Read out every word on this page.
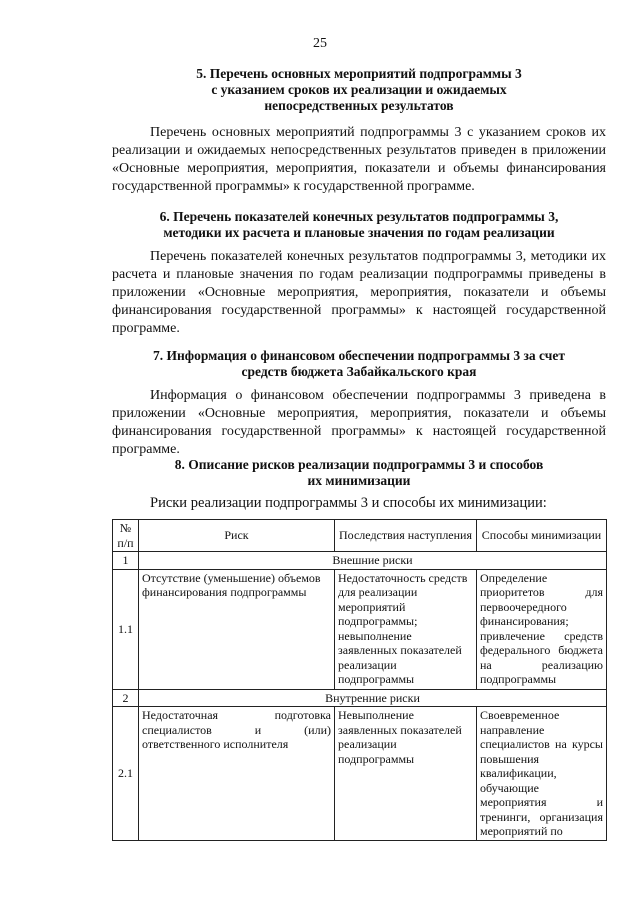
25
5. Перечень основных мероприятий подпрограммы 3
с указанием сроков их реализации и ожидаемых
непосредственных результатов
Перечень основных мероприятий подпрограммы 3 с указанием сроков их реализации и ожидаемых непосредственных результатов приведен в приложении «Основные мероприятия, мероприятия, показатели и объемы финансирования государственной программы» к государственной программе.
6. Перечень показателей конечных результатов подпрограммы 3,
методики их расчета и плановые значения по годам реализации
Перечень показателей конечных результатов подпрограммы 3, методики их расчета и плановые значения по годам реализации подпрограммы приведены в приложении «Основные мероприятия, мероприятия, показатели и объемы финансирования государственной программы» к настоящей государственной программе.
7. Информация о финансовом обеспечении подпрограммы 3 за счет
средств бюджета Забайкальского края
Информация о финансовом обеспечении подпрограммы 3 приведена в приложении «Основные мероприятия, мероприятия, показатели и объемы финансирования государственной программы» к настоящей государственной программе.
8. Описание рисков реализации подпрограммы 3 и способов
их минимизации
Риски реализации подпрограммы 3 и способы их минимизации:
№ п/п	Риск	Последствия наступления	Способы минимизации
1	Внешние риски		
1.1	Отсутствие (уменьшение) объемов финансирования подпрограммы	Недостаточность средств для реализации мероприятий подпрограммы; невыполнение заявленных показателей реализации подпрограммы	Определение приоритетов для первоочередного финансирования; привлечение средств федерального бюджета на реализацию подпрограммы
2	Внутренние риски		
2.1	Недостаточная подготовка специалистов и (или) ответственного исполнителя	Невыполнение заявленных показателей реализации подпрограммы	Своевременное направление специалистов на курсы повышения квалификации, обучающие мероприятия и тренинги, организация мероприятий по
